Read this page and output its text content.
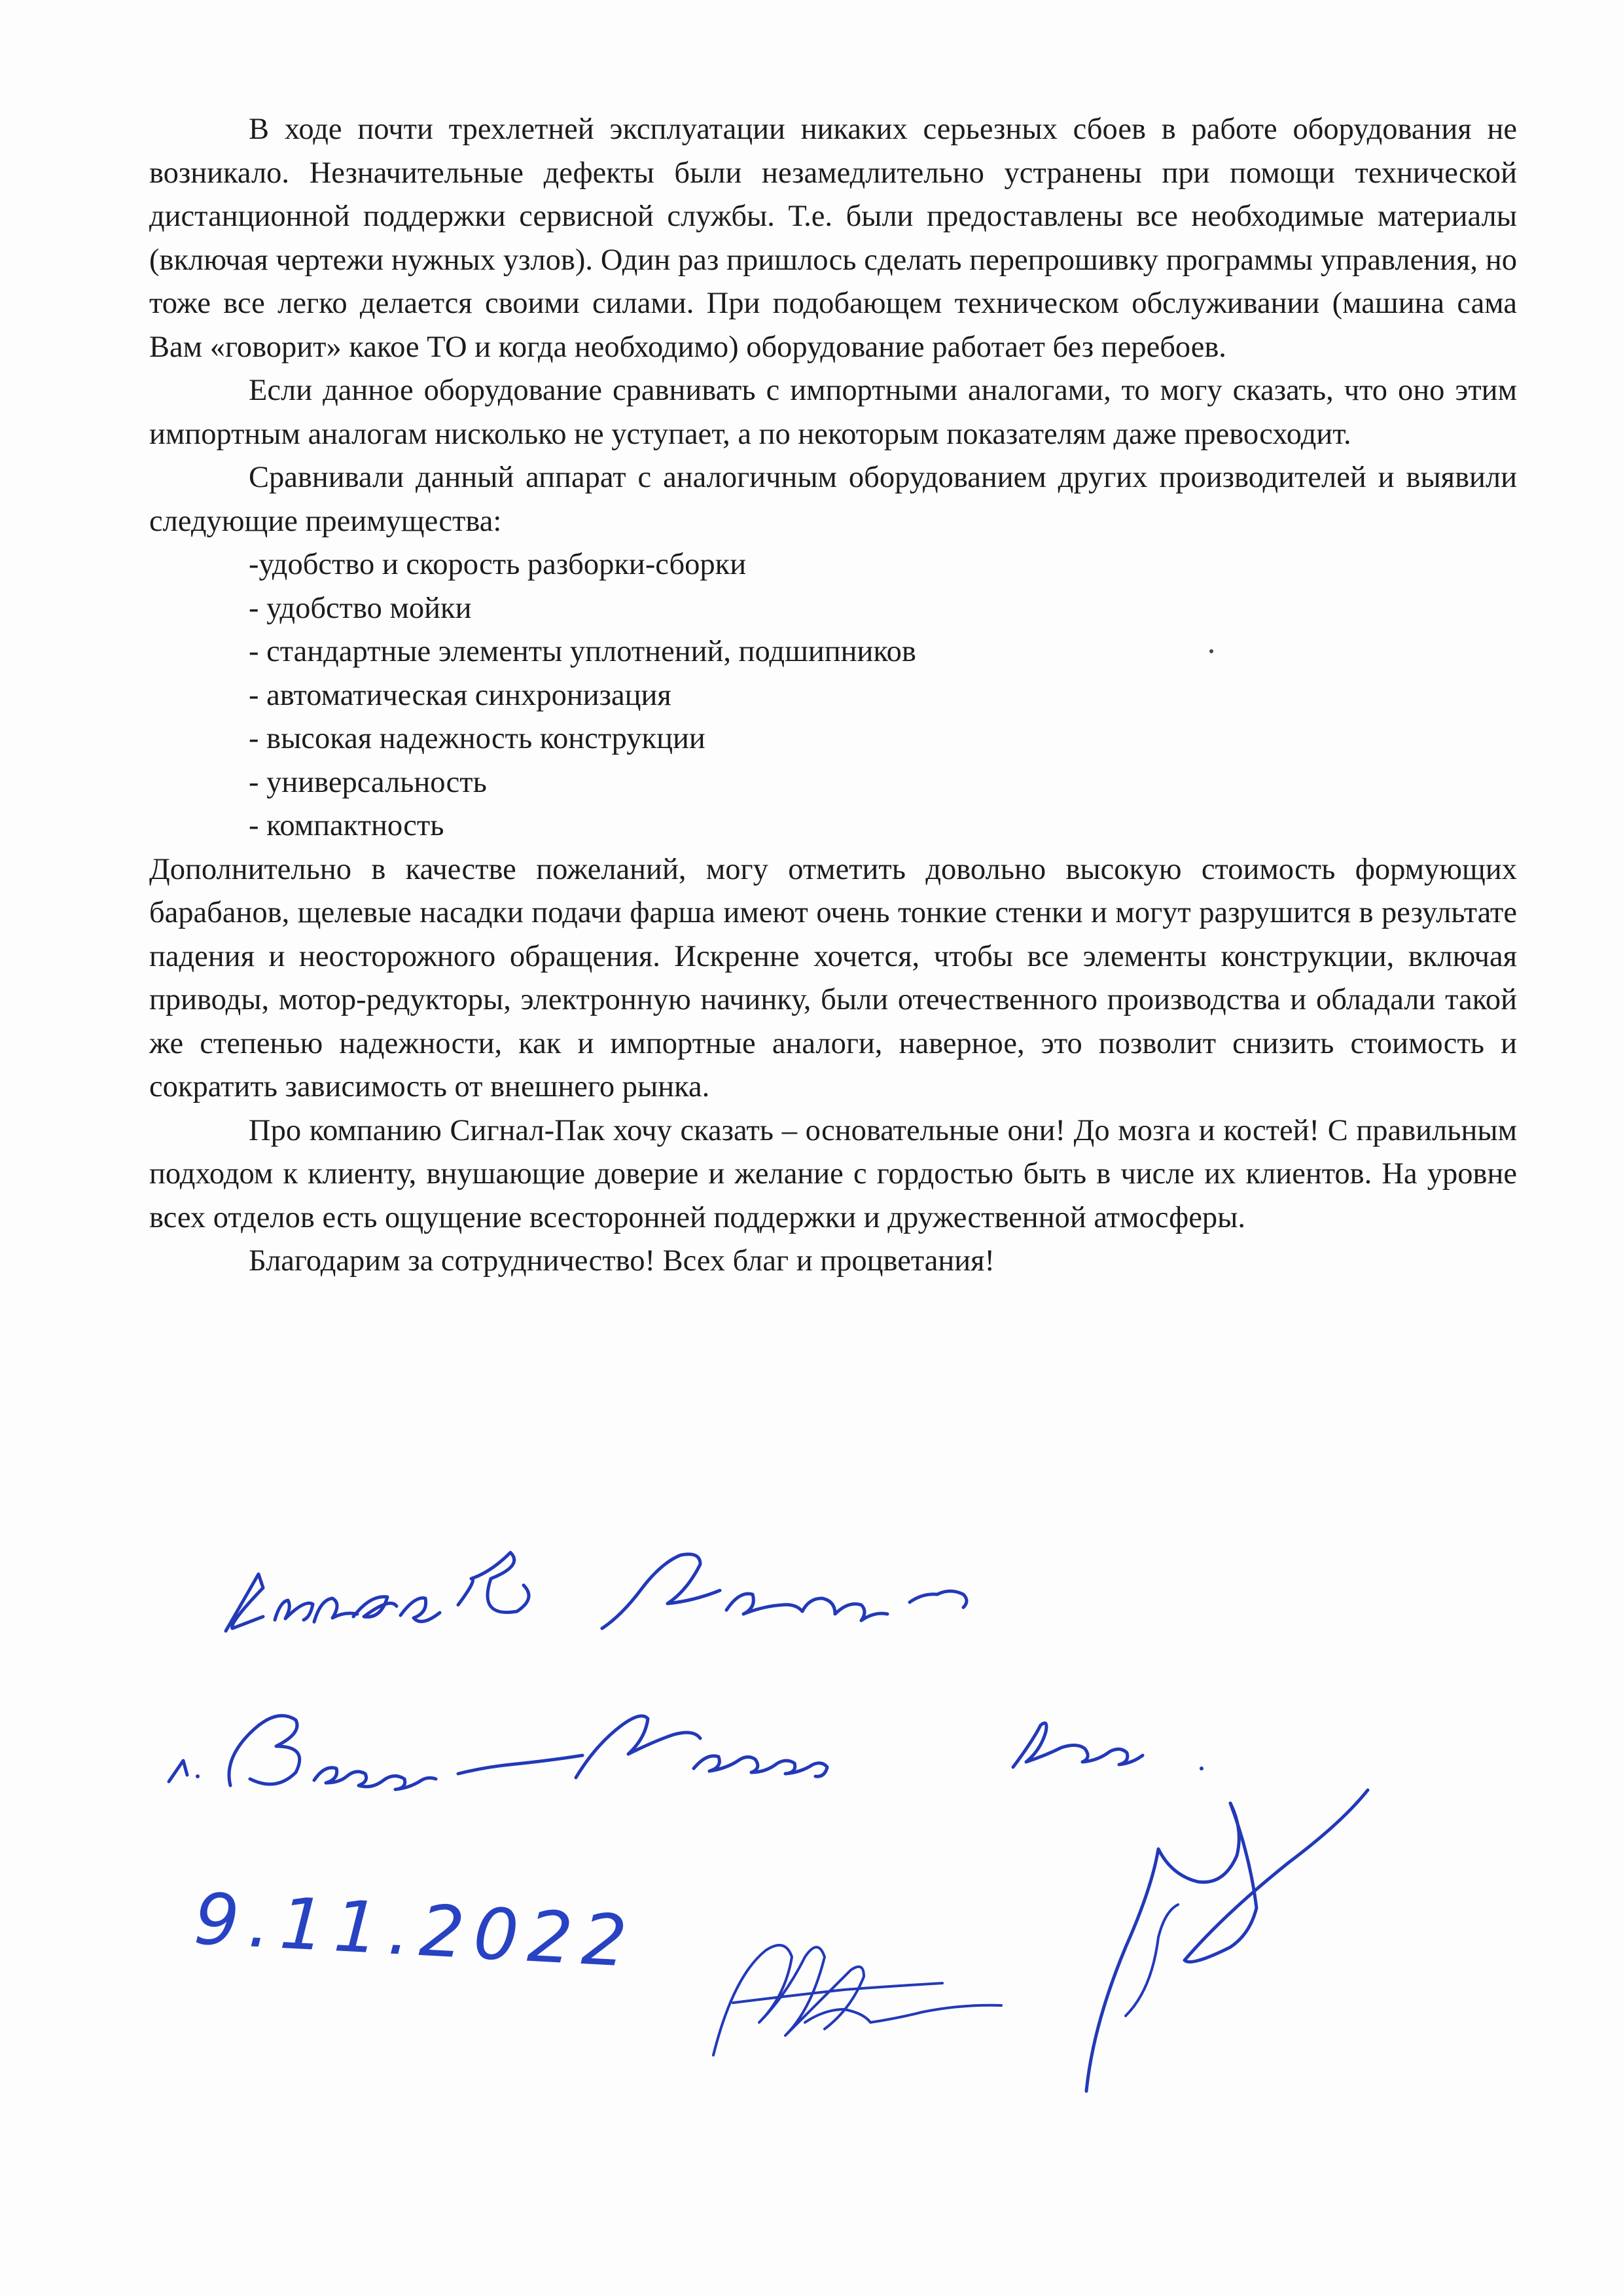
В ходе почти трехлетней эксплуатации никаких серьезных сбоев в работе оборудования не возникало. Незначительные дефекты были незамедлительно устранены при помощи технической дистанционной поддержки сервисной службы. Т.е. были предоставлены все необходимые материалы (включая чертежи нужных узлов). Один раз пришлось сделать перепрошивку программы управления, но тоже все легко делается своими силами. При подобающем техническом обслуживании (машина сама Вам «говорит» какое ТО и когда необходимо) оборудование работает без перебоев.

Если данное оборудование сравнивать с импортными аналогами, то могу сказать, что оно этим импортным аналогам нисколько не уступает, а по некоторым показателям даже превосходит.

Сравнивали данный аппарат с аналогичным оборудованием других производителей и выявили следующие преимущества:

-удобство и скорость разборки-сборки
- удобство мойки
- стандартные элементы уплотнений, подшипников
- автоматическая синхронизация
- высокая надежность конструкции
- универсальность
- компактность

Дополнительно в качестве пожеланий, могу отметить довольно высокую стоимость формующих барабанов, щелевые насадки подачи фарша имеют очень тонкие стенки и могут разрушится в результате падения и неосторожного обращения. Искренне хочется, чтобы все элементы конструкции, включая приводы, мотор-редукторы, электронную начинку, были отечественного производства и обладали такой же степенью надежности, как и импортные аналоги, наверное, это позволит снизить стоимость и сократить зависимость от внешнего рынка.

Про компанию Сигнал-Пак хочу сказать – основательные они! До мозга и костей! С правильным подходом к клиенту, внушающие доверие и желание с гордостью быть в числе их клиентов. На уровне всех отделов есть ощущение всесторонней поддержки и дружественной атмосферы.

Благодарим за сотрудничество! Всех благ и процветания!

9.11.2022
